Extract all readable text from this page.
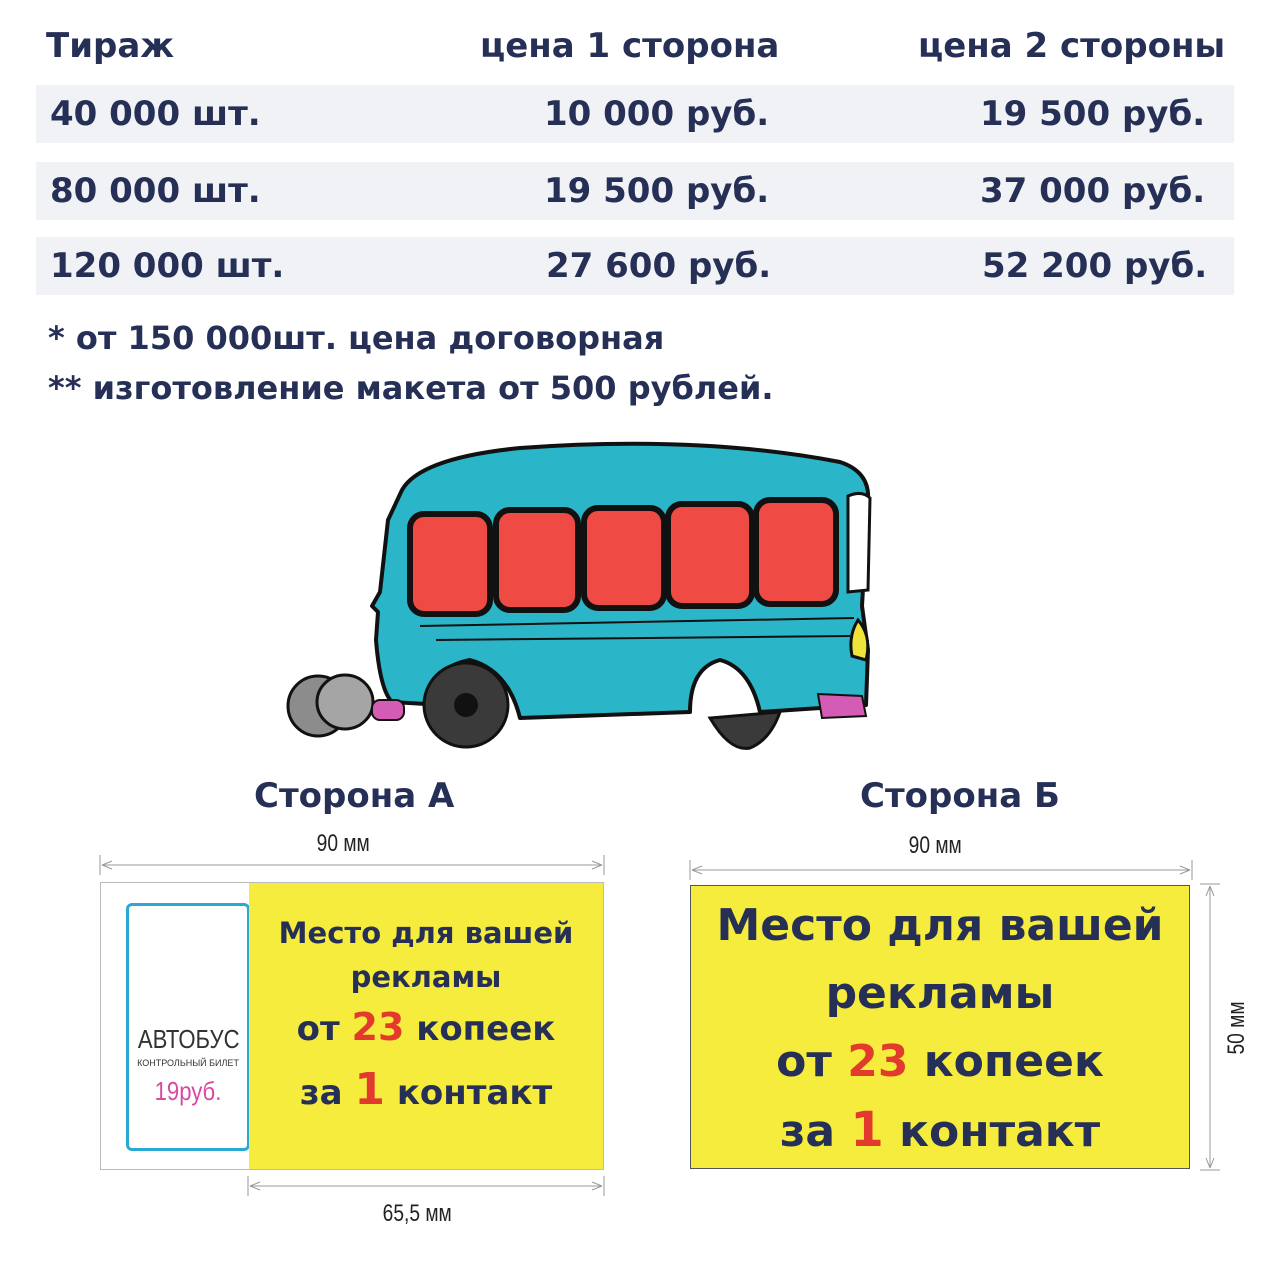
Тираж	цена 1 сторона	цена 2 стороны
40 000 шт.	10 000 руб.	19 500 руб.
80 000 шт.	19 500 руб.	37 000 руб.
120 000 шт.	27 600 руб.	52 200 руб.
* от 150 000шт. цена договорная
** изготовление макета от 500 рублей.
Сторона А
90 мм
АВТОБУС
КОНТРОЛЬНЫЙ БИЛЕТ
19руб.
Место для вашей
рекламы
от 23 копеек
за 1 контакт
65,5 мм
Сторона Б
90 мм
Место для вашей
рекламы
от 23 копеек
за 1 контакт
50 мм
